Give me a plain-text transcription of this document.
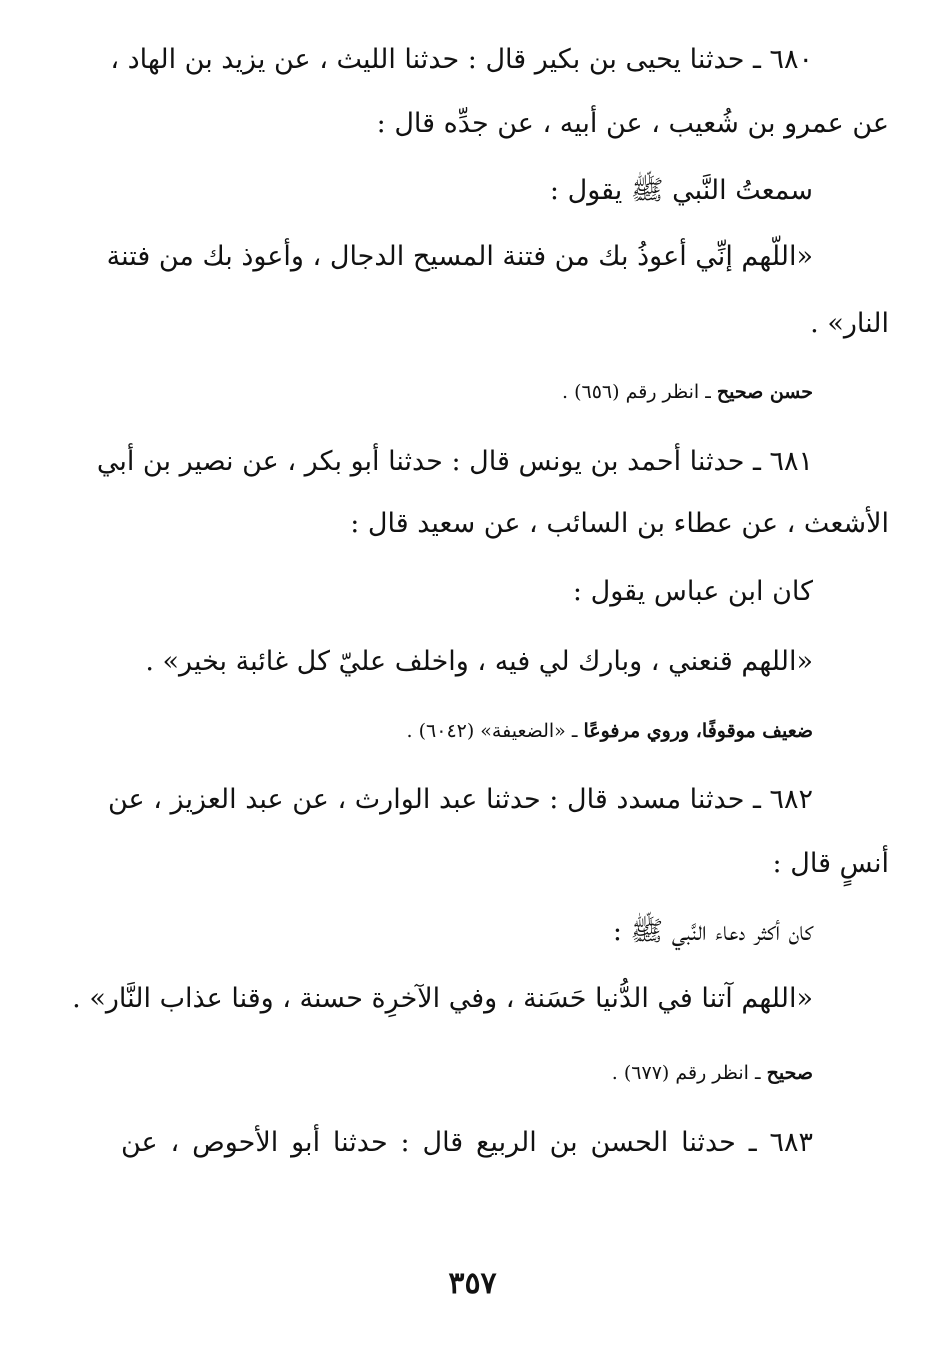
٦٨٠ ـ حدثنا يحيى بن بكير قال : حدثنا الليث ، عن يزيد بن الهاد ،

عن عمرو بن شُعيب ، عن أبيه ، عن جدِّه قال :

سمعتُ النَّبي ﷺ يقول :

«اللّهم إنِّي أعوذُ بك من فتنة المسيح الدجال ، وأعوذ بك من فتنة

النار» .

حسن صحيح ـ انظر رقم (٦٥٦) .

٦٨١ ـ حدثنا أحمد بن يونس قال : حدثنا أبو بكر ، عن نصير بن أبي

الأشعث ، عن عطاء بن السائب ، عن سعيد قال :

كان ابن عباس يقول :

«اللهم قنعني ، وبارك لي فيه ، واخلف عليّ كل غائبة بخير» .

ضعيف موقوفًا، وروي مرفوعًا ـ «الضعيفة» (٦٠٤٢) .

٦٨٢ ـ حدثنا مسدد قال : حدثنا عبد الوارث ، عن عبد العزيز ، عن

أنسٍ قال :

كان أكثر دعاء النَّبي ﷺ :

«اللهم آتنا في الدُّنيا حَسَنة ، وفي الآخرِة حسنة ، وقنا عذاب النَّار» .

صحيح ـ انظر رقم (٦٧٧) .

٦٨٣ ـ حدثنا الحسن بن الربيع قال : حدثنا أبو الأحوص ، عن

٣٥٧
